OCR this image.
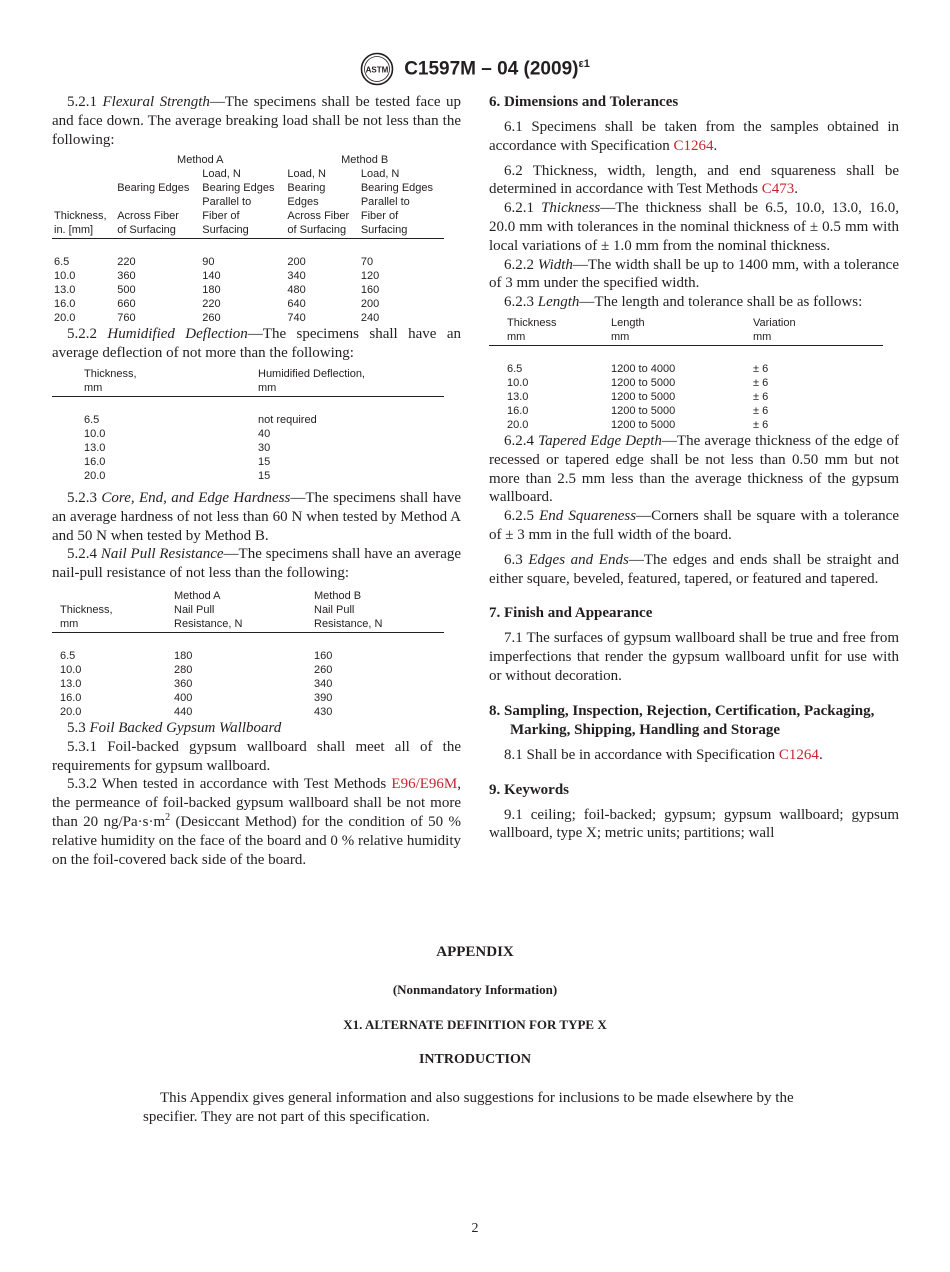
ASTM C1597M – 04 $(2009)^{\varepsilon 1}$

5.2.1 Flexural Strength—The specimens shall be tested face up and face down. The average breaking load shall be not less than the following:

	Method A		Method B	
		Load, N	Load, N	Load, N
	Bearing Edges	Bearing Edges	Bearing	Bearing Edges
		Parallel to	Edges	Parallel to
Thickness,	Across Fiber	Fiber of	Across Fiber	Fiber of
in. [mm]	of Surfacing	Surfacing	of Surfacing	Surfacing
6.5	220	90	200	70
10.0	360	140	340	120
13.0	500	180	480	160
16.0	660	220	640	200
20.0	760	260	740	240

5.2.2 Humidified Deflection—The specimens shall have an average deflection of not more than the following:

Thickness,	Humidified Deflection,
mm	mm
6.5	not required
10.0	40
13.0	30
16.0	15
20.0	15

5.2.3 Core, End, and Edge Hardness—The specimens shall have an average hardness of not less than 60 N when tested by Method A and 50 N when tested by Method B.

5.2.4 Nail Pull Resistance—The specimens shall have an average nail-pull resistance of not less than the following:

	Method A	Method B
Thickness,	Nail Pull	Nail Pull
mm	Resistance, N	Resistance, N
6.5	180	160
10.0	280	260
13.0	360	340
16.0	400	390
20.0	440	430

5.3 Foil Backed Gypsum Wallboard

5.3.1 Foil-backed gypsum wallboard shall meet all of the requirements for gypsum wallboard.

5.3.2 When tested in accordance with Test Methods E96/E96M, the permeance of foil-backed gypsum wallboard shall be not more than 20 $ng/Pa\cdot s\cdot m^2$ (Desiccant Method) for the condition of 50 % relative humidity on the face of the board and 0 % relative humidity on the foil-covered back side of the board.

6. Dimensions and Tolerances

6.1 Specimens shall be taken from the samples obtained in accordance with Specification C1264.

6.2 Thickness, width, length, and end squareness shall be determined in accordance with Test Methods C473.

6.2.1 Thickness—The thickness shall be 6.5, 10.0, 13.0, 16.0, 20.0 mm with tolerances in the nominal thickness of ± 0.5 mm with local variations of ± 1.0 mm from the nominal thickness.

6.2.2 Width—The width shall be up to 1400 mm, with a tolerance of 3 mm under the specified width.

6.2.3 Length—The length and tolerance shall be as follows:

Thickness	Length	Variation
mm	mm	mm
6.5	1200 to 4000	± 6
10.0	1200 to 5000	± 6
13.0	1200 to 5000	± 6
16.0	1200 to 5000	± 6
20.0	1200 to 5000	± 6

6.2.4 Tapered Edge Depth—The average thickness of the edge of recessed or tapered edge shall be not less than 0.50 mm but not more than 2.5 mm less than the average thickness of the gypsum wallboard.

6.2.5 End Squareness—Corners shall be square with a tolerance of ± 3 mm in the full width of the board.

6.3 Edges and Ends—The edges and ends shall be straight and either square, beveled, featured, tapered, or featured and tapered.

7. Finish and Appearance

7.1 The surfaces of gypsum wallboard shall be true and free from imperfections that render the gypsum wallboard unfit for use with or without decoration.

8. Sampling, Inspection, Rejection, Certification, Packaging, Marking, Shipping, Handling and Storage

8.1 Shall be in accordance with Specification C1264.

9. Keywords

9.1 ceiling; foil-backed; gypsum; gypsum wallboard; gypsum wallboard, type X; metric units; partitions; wall

APPENDIX
(Nonmandatory Information)
X1. ALTERNATE DEFINITION FOR TYPE X
INTRODUCTION

This Appendix gives general information and also suggestions for inclusions to be made elsewhere by the specifier. They are not part of this specification.

2
